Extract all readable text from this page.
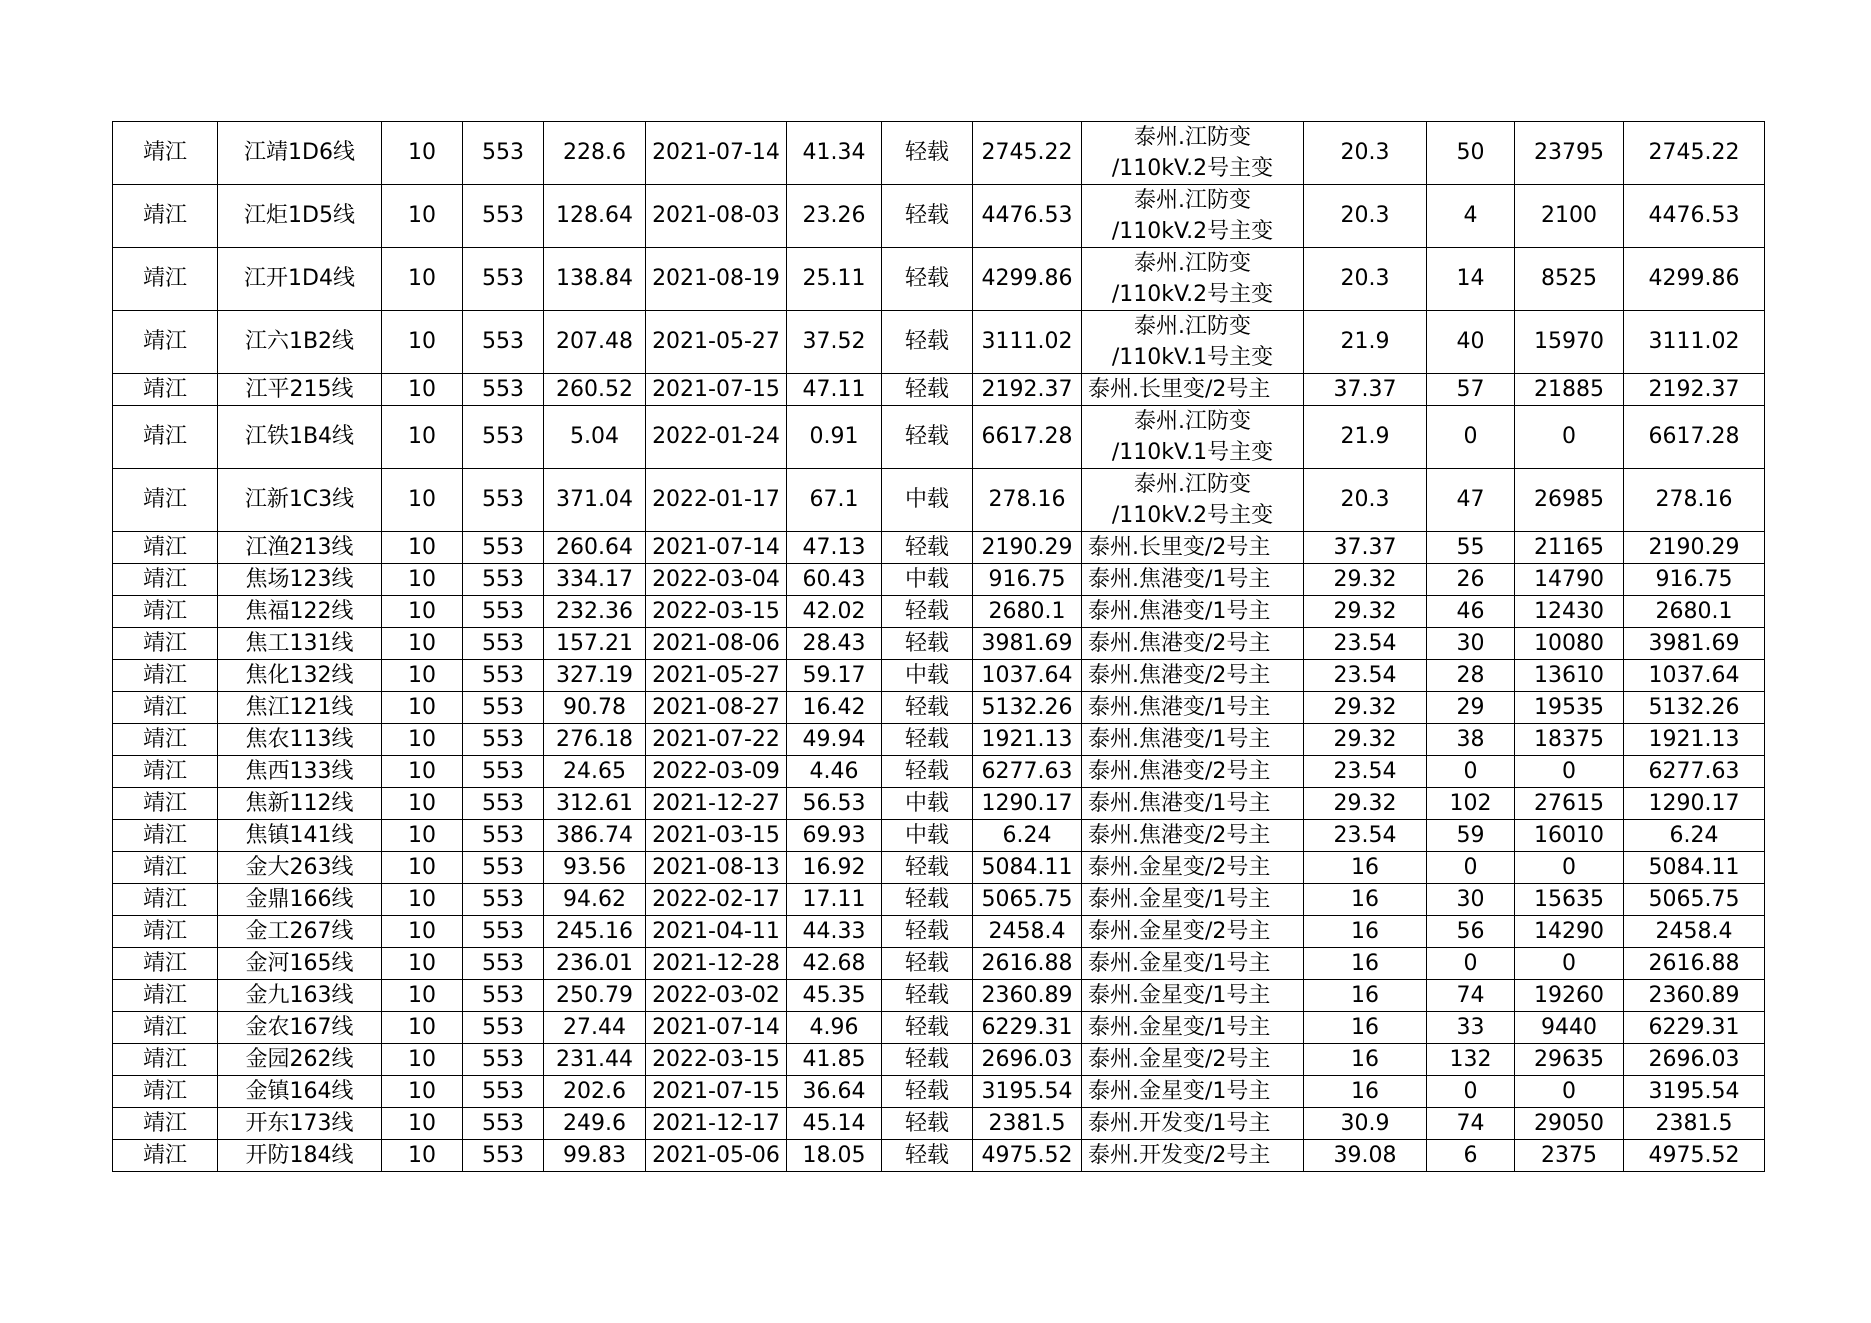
靖江	江靖1D6线	10	553	228.6	2021-07-14	41.34	轻载	2745.22	泰州.江防变
/110kV.2号主变	20.3	50	23795	2745.22
靖江	江炬1D5线	10	553	128.64	2021-08-03	23.26	轻载	4476.53	泰州.江防变
/110kV.2号主变	20.3	4	2100	4476.53
靖江	江开1D4线	10	553	138.84	2021-08-19	25.11	轻载	4299.86	泰州.江防变
/110kV.2号主变	20.3	14	8525	4299.86
靖江	江六1B2线	10	553	207.48	2021-05-27	37.52	轻载	3111.02	泰州.江防变
/110kV.1号主变	21.9	40	15970	3111.02
靖江	江平215线	10	553	260.52	2021-07-15	47.11	轻载	2192.37	泰州.长里变/2号主	37.37	57	21885	2192.37
靖江	江铁1B4线	10	553	5.04	2022-01-24	0.91	轻载	6617.28	泰州.江防变
/110kV.1号主变	21.9	0	0	6617.28
靖江	江新1C3线	10	553	371.04	2022-01-17	67.1	中载	278.16	泰州.江防变
/110kV.2号主变	20.3	47	26985	278.16
靖江	江渔213线	10	553	260.64	2021-07-14	47.13	轻载	2190.29	泰州.长里变/2号主	37.37	55	21165	2190.29
靖江	焦场123线	10	553	334.17	2022-03-04	60.43	中载	916.75	泰州.焦港变/1号主	29.32	26	14790	916.75
靖江	焦福122线	10	553	232.36	2022-03-15	42.02	轻载	2680.1	泰州.焦港变/1号主	29.32	46	12430	2680.1
靖江	焦工131线	10	553	157.21	2021-08-06	28.43	轻载	3981.69	泰州.焦港变/2号主	23.54	30	10080	3981.69
靖江	焦化132线	10	553	327.19	2021-05-27	59.17	中载	1037.64	泰州.焦港变/2号主	23.54	28	13610	1037.64
靖江	焦江121线	10	553	90.78	2021-08-27	16.42	轻载	5132.26	泰州.焦港变/1号主	29.32	29	19535	5132.26
靖江	焦农113线	10	553	276.18	2021-07-22	49.94	轻载	1921.13	泰州.焦港变/1号主	29.32	38	18375	1921.13
靖江	焦西133线	10	553	24.65	2022-03-09	4.46	轻载	6277.63	泰州.焦港变/2号主	23.54	0	0	6277.63
靖江	焦新112线	10	553	312.61	2021-12-27	56.53	中载	1290.17	泰州.焦港变/1号主	29.32	102	27615	1290.17
靖江	焦镇141线	10	553	386.74	2021-03-15	69.93	中载	6.24	泰州.焦港变/2号主	23.54	59	16010	6.24
靖江	金大263线	10	553	93.56	2021-08-13	16.92	轻载	5084.11	泰州.金星变/2号主	16	0	0	5084.11
靖江	金鼎166线	10	553	94.62	2022-02-17	17.11	轻载	5065.75	泰州.金星变/1号主	16	30	15635	5065.75
靖江	金工267线	10	553	245.16	2021-04-11	44.33	轻载	2458.4	泰州.金星变/2号主	16	56	14290	2458.4
靖江	金河165线	10	553	236.01	2021-12-28	42.68	轻载	2616.88	泰州.金星变/1号主	16	0	0	2616.88
靖江	金九163线	10	553	250.79	2022-03-02	45.35	轻载	2360.89	泰州.金星变/1号主	16	74	19260	2360.89
靖江	金农167线	10	553	27.44	2021-07-14	4.96	轻载	6229.31	泰州.金星变/1号主	16	33	9440	6229.31
靖江	金园262线	10	553	231.44	2022-03-15	41.85	轻载	2696.03	泰州.金星变/2号主	16	132	29635	2696.03
靖江	金镇164线	10	553	202.6	2021-07-15	36.64	轻载	3195.54	泰州.金星变/1号主	16	0	0	3195.54
靖江	开东173线	10	553	249.6	2021-12-17	45.14	轻载	2381.5	泰州.开发变/1号主	30.9	74	29050	2381.5
靖江	开防184线	10	553	99.83	2021-05-06	18.05	轻载	4975.52	泰州.开发变/2号主	39.08	6	2375	4975.52
